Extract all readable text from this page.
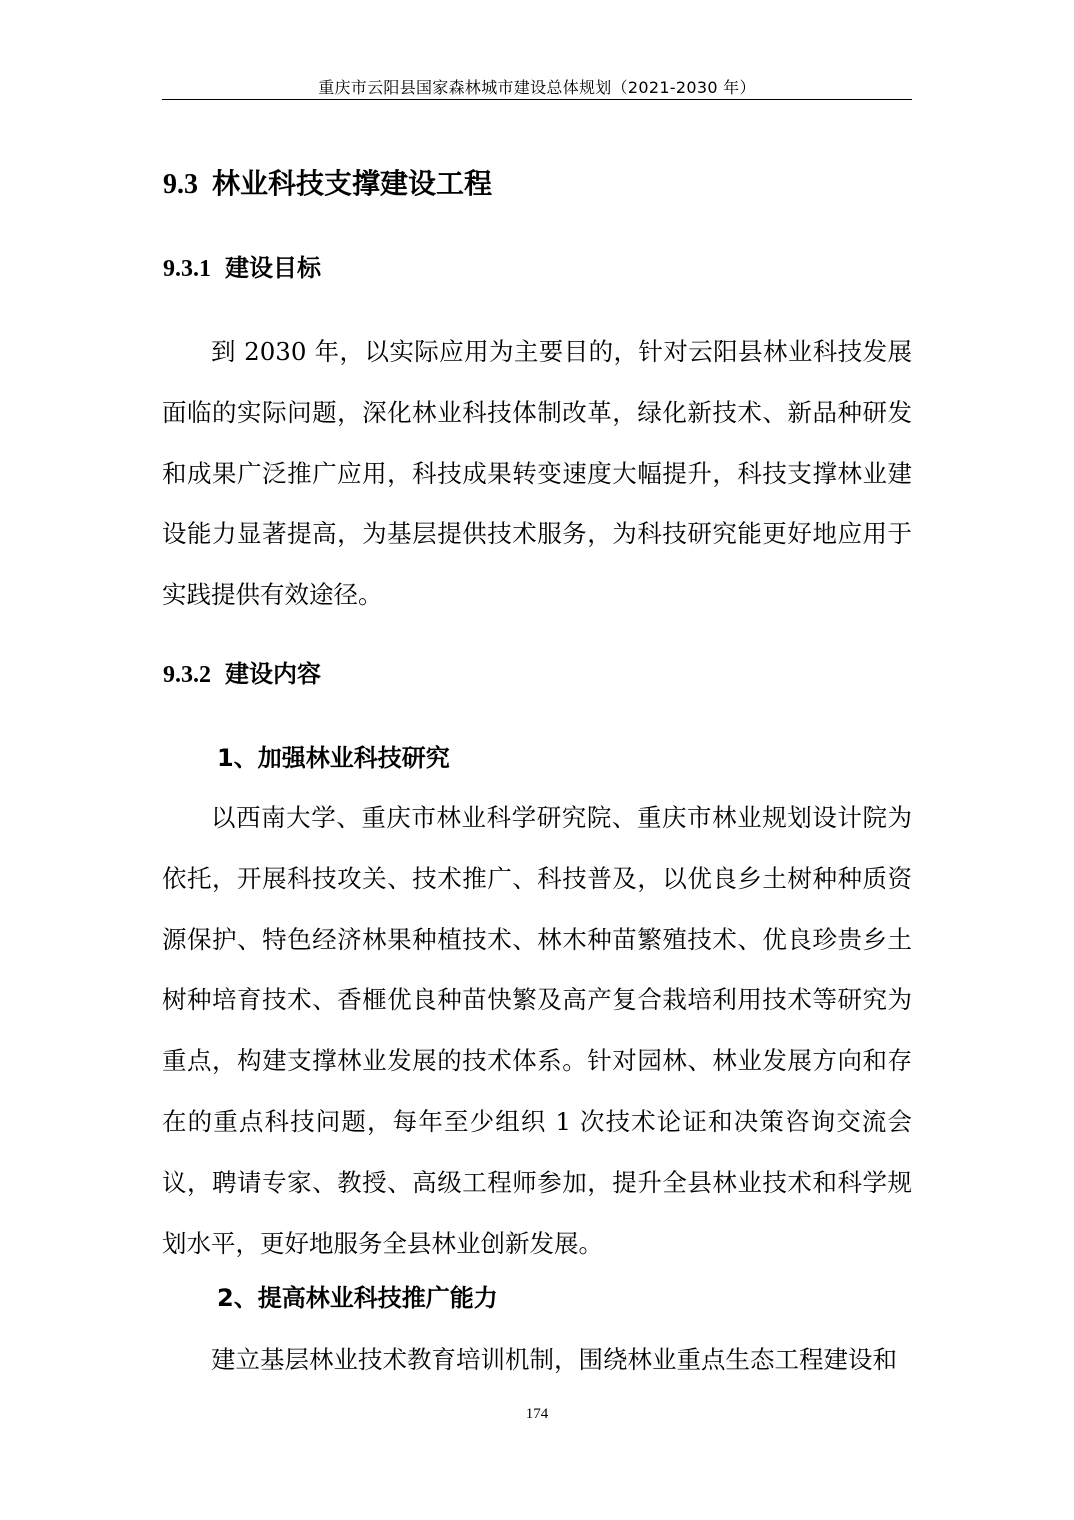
重庆市云阳县国家森林城市建设总体规划（2021-2030 年）
9.3 林业科技支撑建设工程
9.3.1 建设目标

到 2030 年，以实际应用为主要目的，针对云阳县林业科技发展面临的实际问题，深化林业科技体制改革，绿化新技术、新品种研发和成果广泛推广应用，科技成果转变速度大幅提升，科技支撑林业建设能力显著提高，为基层提供技术服务，为科技研究能更好地应用于实践提供有效途径。

9.3.2 建设内容
1、加强林业科技研究

以西南大学、重庆市林业科学研究院、重庆市林业规划设计院为依托，开展科技攻关、技术推广、科技普及，以优良乡土树种种质资源保护、特色经济林果种植技术、林木种苗繁殖技术、优良珍贵乡土树种培育技术、香榧优良种苗快繁及高产复合栽培利用技术等研究为重点，构建支撑林业发展的技术体系。针对园林、林业发展方向和存在的重点科技问题，每年至少组织 1 次技术论证和决策咨询交流会议，聘请专家、教授、高级工程师参加，提升全县林业技术和科学规划水平，更好地服务全县林业创新发展。

2、提高林业科技推广能力

建立基层林业技术教育培训机制，围绕林业重点生态工程建设和

174
